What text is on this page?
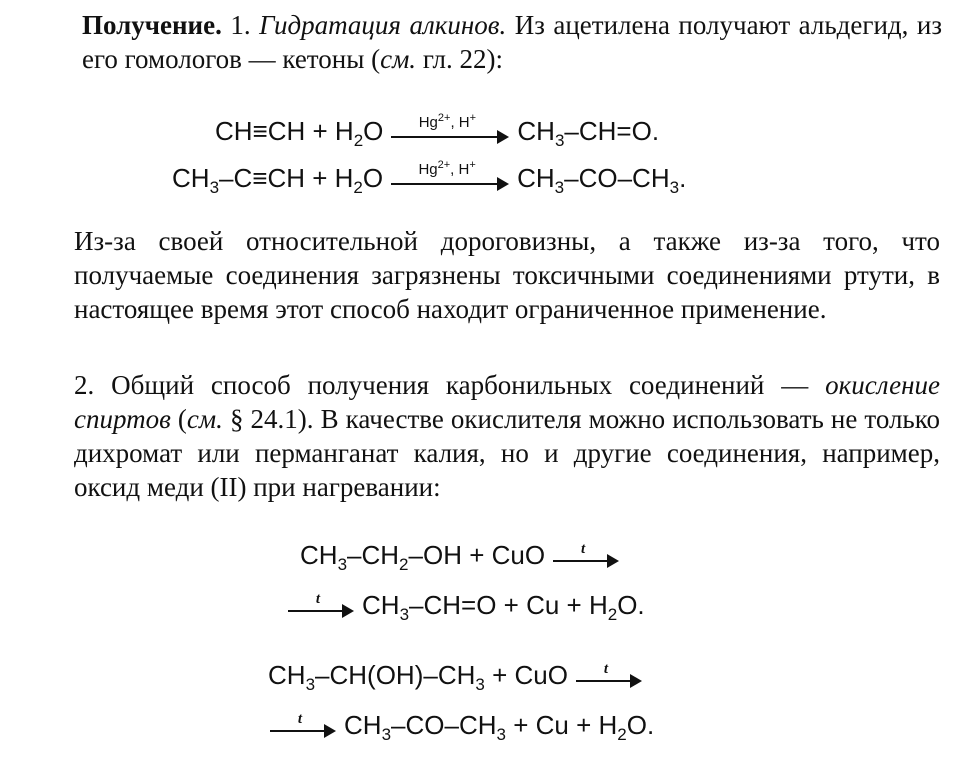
Получение. 1. Гидратация алкинов. Из ацетилена получают альдегид, из его гомологов — кетоны (см. гл. 22):
$CH\equiv CH + H_2O$	$Hg^{2+}$, H+	$CH_3-CH=O$.
$CH_3-C\equiv CH + H_2O$	$Hg^{2+}$, H+	$CH_3-CO-CH_3$.
Из-за своей относительной дороговизны, а также из-за того, что получаемые соединения загрязнены токсичными соединениями ртути, в настоящее время этот способ находит ограниченное применение.
2. Общий способ получения карбонильных соединений — окисление спиртов (см. § 24.1). В качестве окислителя можно использовать не только дихромат или перманганат калия, но и другие соединения, например, оксид меди (II) при нагревании:
$CH_3-CH_2-OH$ + CuO	t
t	$CH_3-CH=O + Cu + H_2O$.
$CH_3-CH(OH)-CH_3$ + CuO	t
t	$CH_3-CO-CH_3 + Cu + H_2O$.
